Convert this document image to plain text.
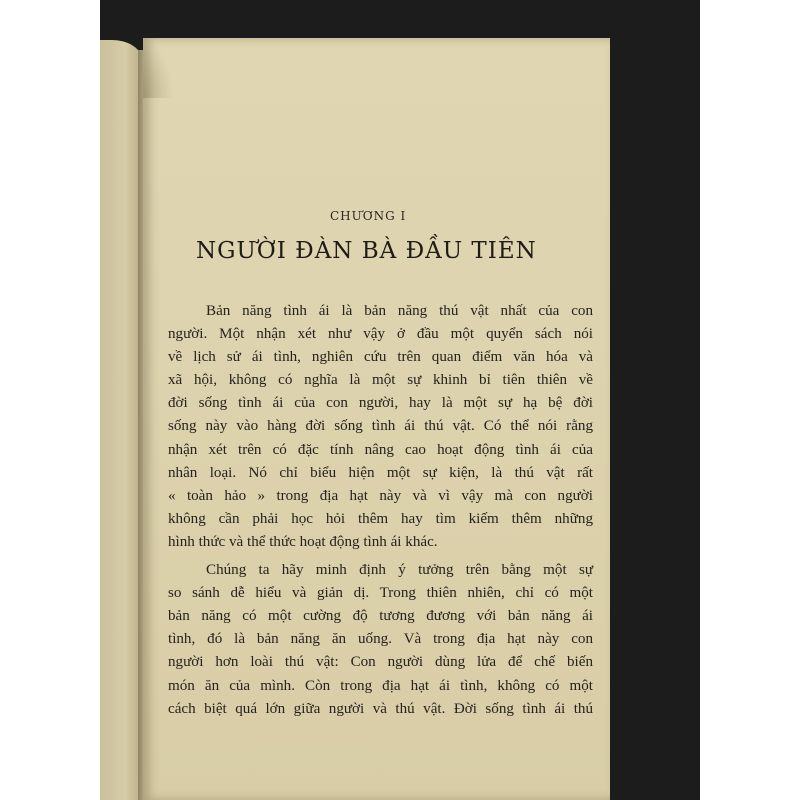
CHƯƠNG I
NGƯỜI ĐÀN BÀ ĐẦU TIÊN

Bản năng tình ái là bản năng thú vật nhất của con
người. Một nhận xét như vậy ở đầu một quyển sách nói
về lịch sử ái tình, nghiên cứu trên quan điểm văn hóa và
xã hội, không có nghĩa là một sự khinh bỉ tiên thiên về
đời sống tình ái của con người, hay là một sự hạ bệ đời
sống này vào hàng đời sống tình ái thú vật. Có thể nói rằng
nhận xét trên có đặc tính nâng cao hoạt động tình ái của
nhân loại. Nó chỉ biểu hiện một sự kiện, là thú vật rất
« toàn hảo » trong địa hạt này và vì vậy mà con người
không cần phải học hỏi thêm hay tìm kiếm thêm những
hình thức và thể thức hoạt động tình ái khác.

Chúng ta hãy minh định ý tưởng trên bằng một sự
so sánh dễ hiểu và giản dị. Trong thiên nhiên, chỉ có một
bản năng có một cường độ tương đương với bản năng ái
tình, đó là bản năng ăn uống. Và trong địa hạt này con
người hơn loài thú vật: Con người dùng lửa để chế biến
món ăn của mình. Còn trong địa hạt ái tình, không có một
cách biệt quá lớn giữa người và thú vật. Đời sống tình ái thú
